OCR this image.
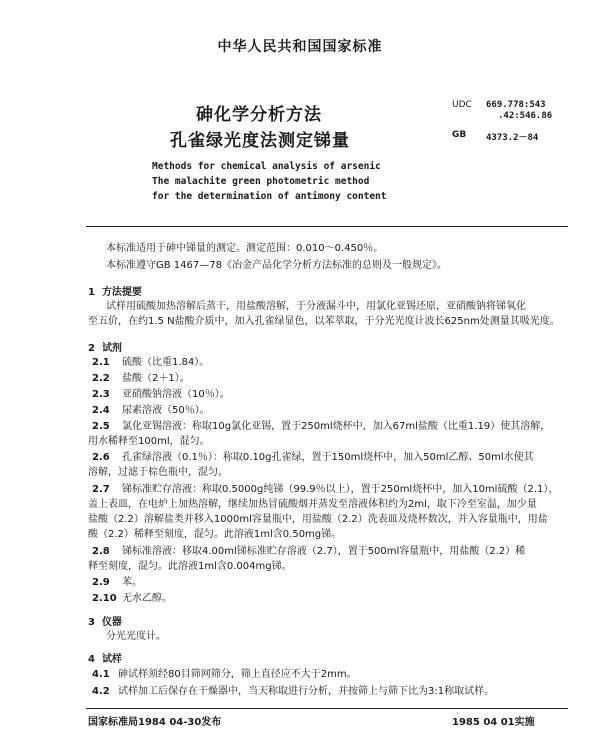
中华人民共和国国家标准
砷化学分析方法
孔雀绿光度法测定锑量
UDC 669.778:543
.42:546.86
GB 4373.2－84
Methods for chemical analysis of arsenic
The malachite green photometric method
for the determination of antimony content
本标准适用于砷中锑量的测定。测定范围：0.010～0.450％。
本标准遵守GB 1467—78《冶金产品化学分析方法标准的总则及一般规定》。
1 方法提要
试样用硫酸加热溶解后蒸干，用盐酸溶解，于分液漏斗中，用氯化亚锡还原，亚硝酸钠将锑氧化
至五价，在约1.5 N盐酸介质中，加入孔雀绿显色，以苯萃取，于分光光度计波长625nm处测量其吸光度。
2 试剂
2.1 硫酸（比重1.84）。
2.2 盐酸（2＋1）。
2.3 亚硝酸钠溶液（10％）。
2.4 尿素溶液（50％）。
2.5 氯化亚锡溶液：称取10g氯化亚锡，置于250ml烧杯中，加入67ml盐酸（比重1.19）使其溶解，
用水稀释至100ml，混匀。
2.6 孔雀绿溶液（0.1％）：称取0.10g孔雀绿，置于150ml烧杯中，加入50ml乙醇、50ml水使其
溶解，过滤于棕色瓶中，混匀。
2.7 锑标准贮存溶液：称取0.5000g纯锑（99.9％以上），置于250ml烧杯中，加入10ml硫酸（2.1），
盖上表皿，在电炉上加热溶解，继续加热冒硫酸烟并蒸发至溶液体积约为2ml，取下冷至室温，加少量
盐酸（2.2）溶解盐类并移入1000ml容量瓶中，用盐酸（2.2）洗表皿及烧杯数次，并入容量瓶中，用盐
酸（2.2）稀释至刻度，混匀。此溶液1ml含0.50mg锑。
2.8 锑标准溶液：移取4.00ml锑标准贮存溶液（2.7），置于500ml容量瓶中，用盐酸（2.2）稀
释至刻度，混匀。此溶液1ml含0.004mg锑。
2.9 苯。
2.10 无水乙醇。
3 仪器
分光光度计。
4 试样
4.1 砷试样须经80目筛网筛分，筛上直径应不大于2mm。
4.2 试样加工后保存在干燥器中，当天称取进行分析，并按筛上与筛下比为3:1称取试样。
国家标准局1984 04-30发布	1985 04 01实施
